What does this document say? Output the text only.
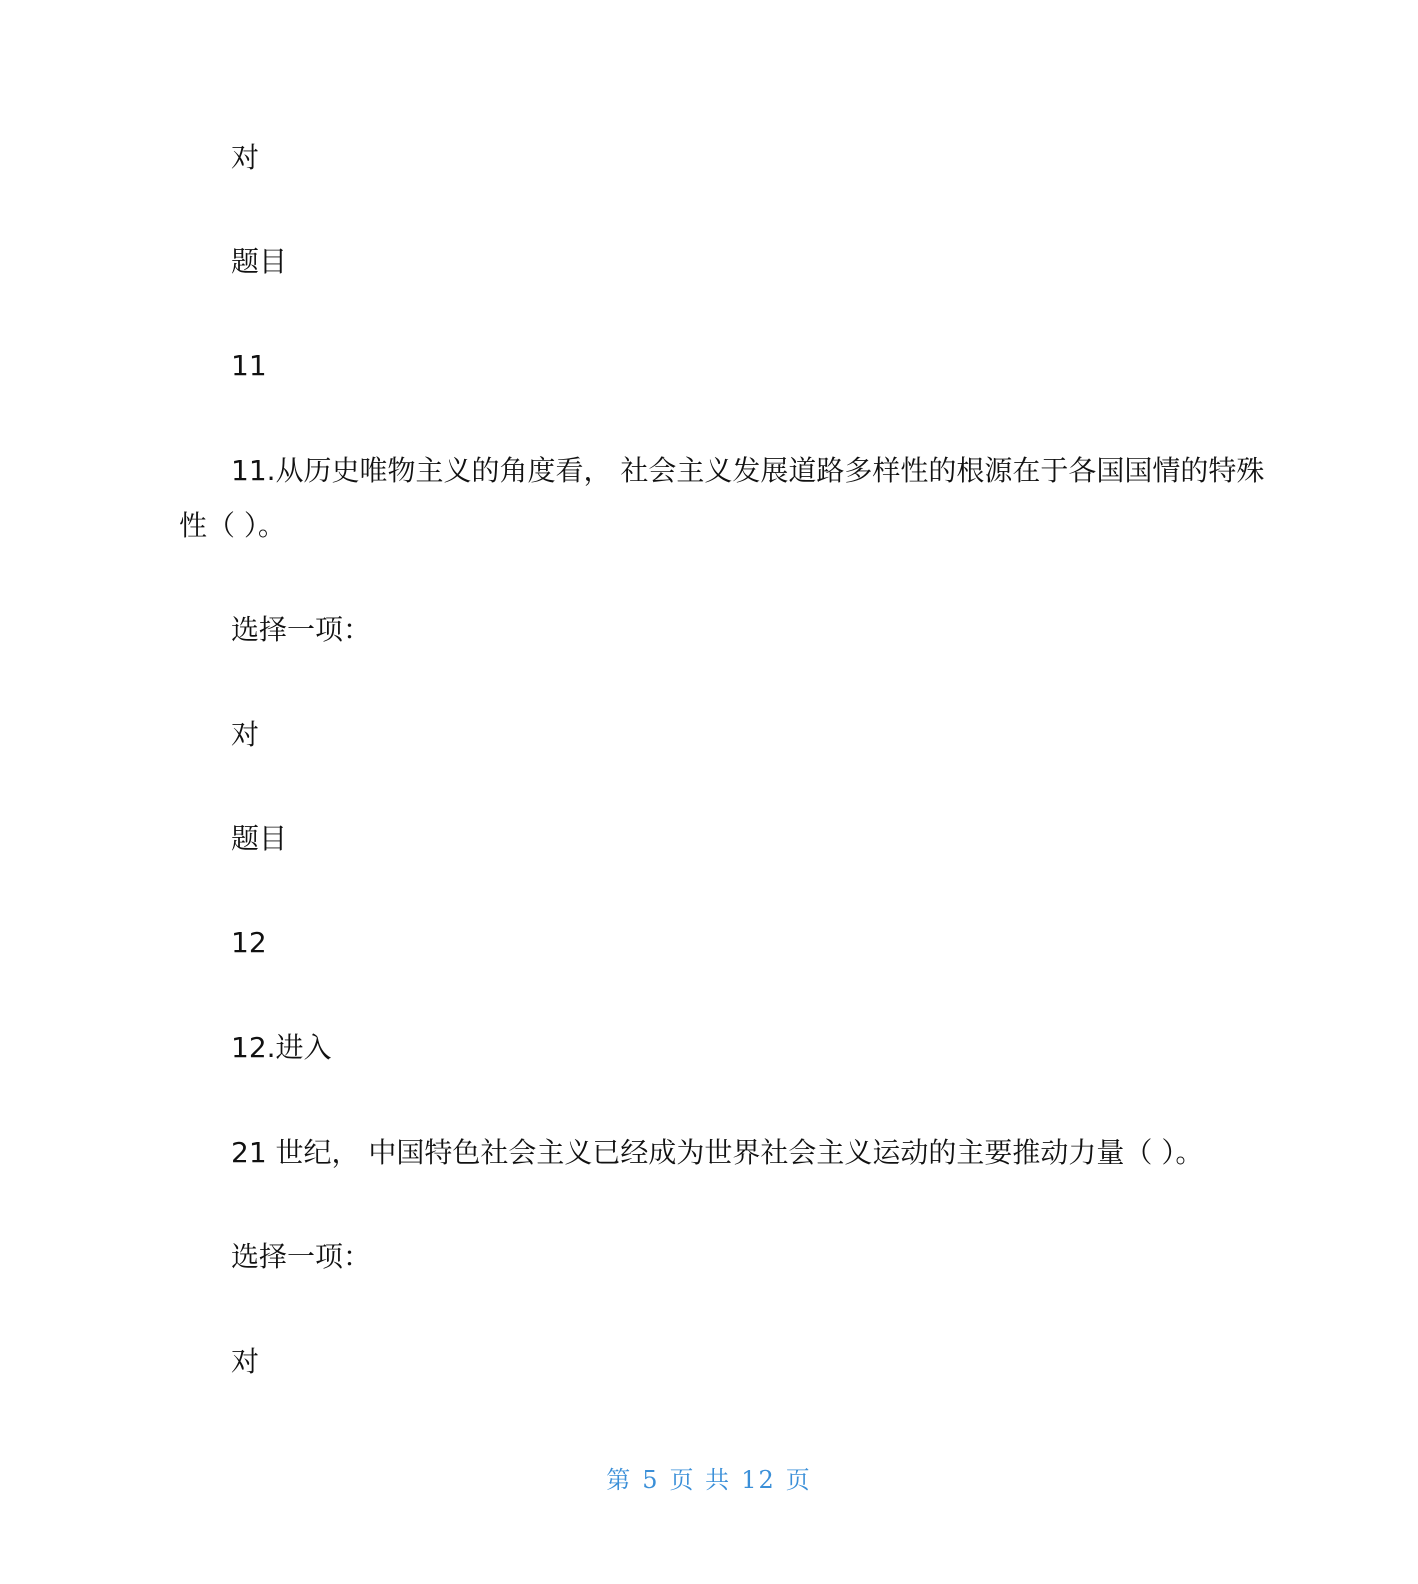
对
题目
11
11.从历史唯物主义的角度看， 社会主义发展道路多样性的根源在于各国国情的特殊
性（ ）。
选择一项：
对
题目
12
12.进入
21 世纪， 中国特色社会主义已经成为世界社会主义运动的主要推动力量（ ）。
选择一项：
对
第 5 页 共 12 页
